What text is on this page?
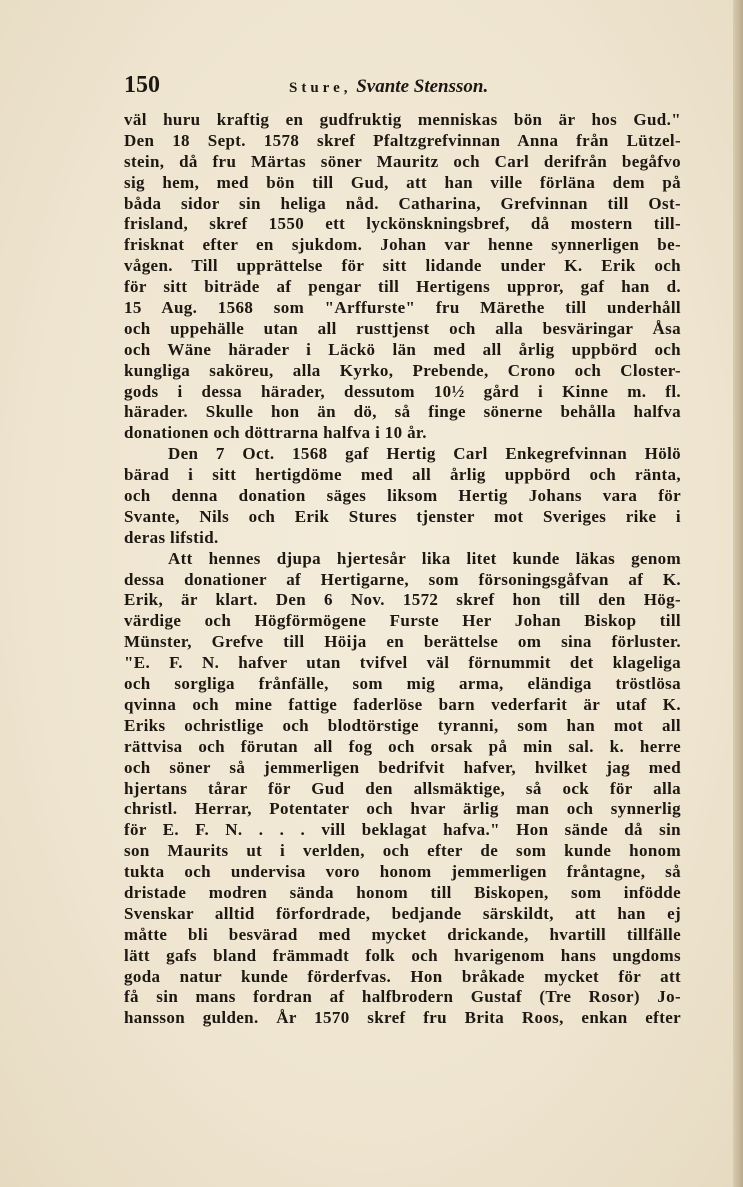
150	Sture, Svante Stensson.
väl huru kraftig en gudfruktig menniskas bön är hos Gud."
Den 18 Sept. 1578 skref Pfaltzgrefvinnan Anna från Lützel-
stein, då fru Märtas söner Mauritz och Carl derifrån begåfvo
sig hem, med bön till Gud, att han ville förläna dem på
båda sidor sin heliga nåd. Catharina, Grefvinnan till Ost-
frisland, skref 1550 ett lyckönskningsbref, då mostern till-
frisknat efter en sjukdom. Johan var henne synnerligen be-
vågen. Till upprättelse för sitt lidande under K. Erik och
för sitt biträde af pengar till Hertigens uppror, gaf han d.
15 Aug. 1568 som "Arffurste" fru Märethe till underhåll
och uppehälle utan all rusttjenst och alla besväringar Åsa
och Wäne härader i Läckö län med all årlig uppbörd och
kungliga saköreu, alla Kyrko, Prebende, Crono och Closter-
gods i dessa härader, dessutom 10½ gård i Kinne m. fl.
härader. Skulle hon än dö, så finge sönerne behålla halfva
donationen och döttrarna halfva i 10 år.
Den 7 Oct. 1568 gaf Hertig Carl Enkegrefvinnan Hölö
bärad i sitt hertigdöme med all årlig uppbörd och ränta,
och denna donation säges liksom Hertig Johans vara för
Svante, Nils och Erik Stures tjenster mot Sveriges rike i
deras lifstid.
Att hennes djupa hjertesår lika litet kunde läkas genom
dessa donationer af Hertigarne, som försoningsgåfvan af K.
Erik, är klart. Den 6 Nov. 1572 skref hon till den Hög-
värdige och Högförmögene Furste Her Johan Biskop till
Münster, Grefve till Höija en berättelse om sina förluster.
"E. F. N. hafver utan tvifvel väl förnummit det klageliga
och sorgliga frånfälle, som mig arma, eländiga tröstlösa
qvinna och mine fattige faderlöse barn vederfarit är utaf K.
Eriks ochristlige och blodtörstige tyranni, som han mot all
rättvisa och förutan all fog och orsak på min sal. k. herre
och söner så jemmerligen bedrifvit hafver, hvilket jag med
hjertans tårar för Gud den allsmäktige, så ock för alla
christl. Herrar, Potentater och hvar ärlig man och synnerlig
för E. F. N. . . . vill beklagat hafva." Hon sände då sin
son Maurits ut i verlden, och efter de som kunde honom
tukta och undervisa voro honom jemmerligen fråntagne, så
dristade modren sända honom till Biskopen, som infödde
Svenskar alltid förfordrade, bedjande särskildt, att han ej
måtte bli besvärad med mycket drickande, hvartill tillfälle
lätt gafs bland främmadt folk och hvarigenom hans ungdoms
goda natur kunde förderfvas. Hon bråkade mycket för att
få sin mans fordran af halfbrodern Gustaf (Tre Rosor) Jo-
hansson gulden. År 1570 skref fru Brita Roos, enkan efter
